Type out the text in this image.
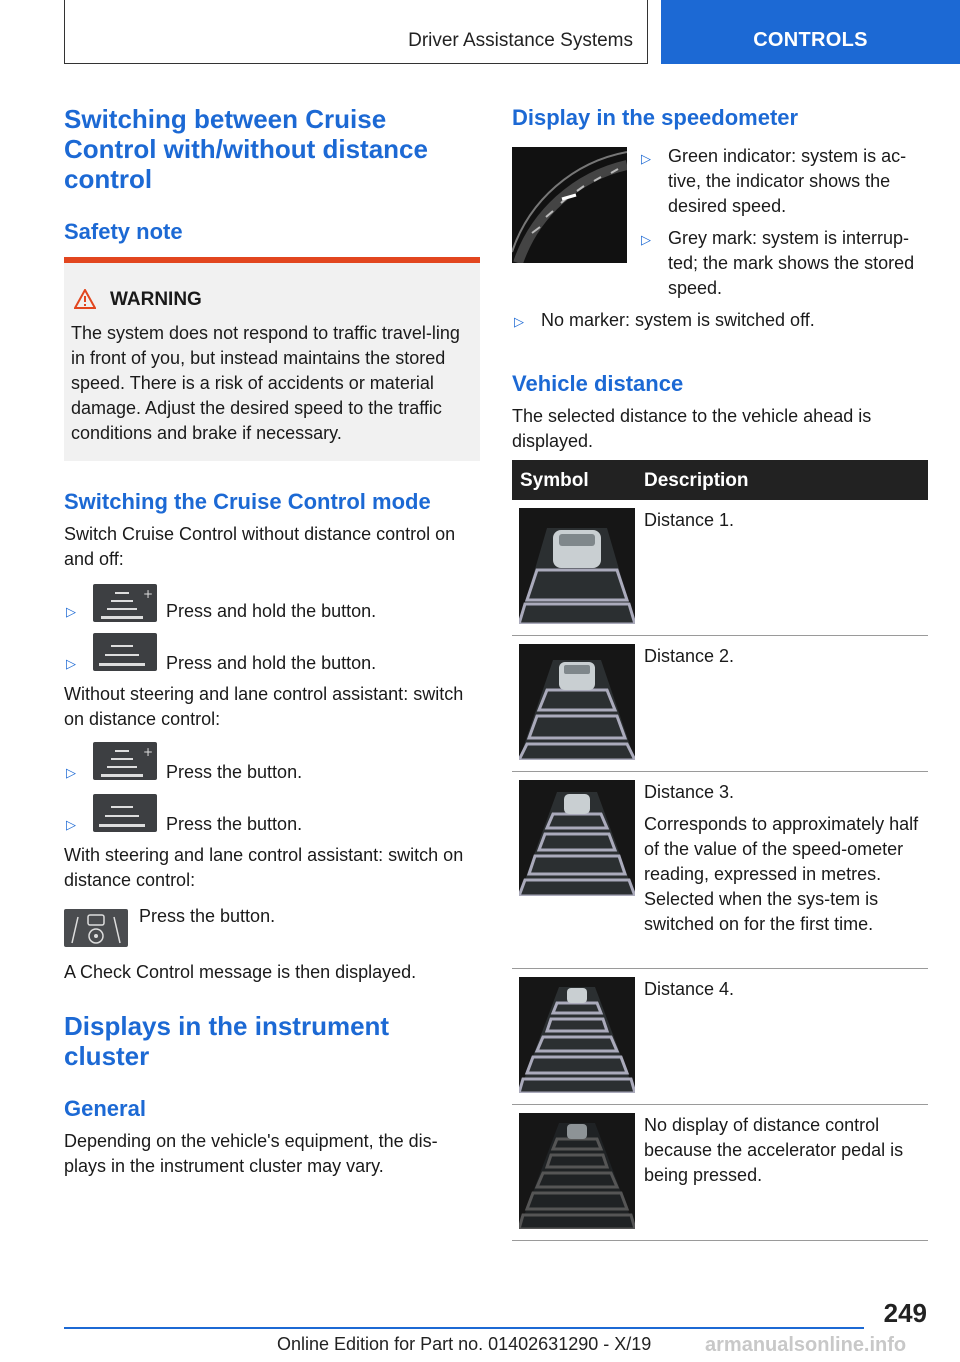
Driver Assistance Systems	CONTROLS
Switching between Cruise Control with/without distance control
Safety note
WARNING
The system does not respond to traffic travel-ling in front of you, but instead maintains the stored speed. There is a risk of accidents or material damage. Adjust the desired speed to the traffic conditions and brake if necessary.
Switching the Cruise Control mode

Switch Cruise Control without distance control on and off:

▷
+

Press and hold the button.

▷	Press and hold the button.

Without steering and lane control assistant: switch on distance control:

▷
+

Press the button.

▷	Press the button.

With steering and lane control assistant: switch on distance control:

Press the button.

A Check Control message is then displayed.

Displays in the instrument cluster
General

Depending on the vehicle's equipment, the dis-plays in the instrument cluster may vary.

Display in the speedometer
▷ Green indicator: system is ac-tive, the indicator shows the desired speed.

▷ Grey mark: system is interrup-ted; the mark shows the stored speed.

▷ No marker: system is switched off.

Vehicle distance

The selected distance to the vehicle ahead is displayed.

Symbol	Description

Distance 1.

Distance 2.

Distance 3.

Corresponds to approximately half of the value of the speed-ometer reading, expressed in metres. Selected when the sys-tem is switched on for the first time.

Distance 4.

No display of distance control because the accelerator pedal is being pressed.

249
Online Edition for Part no. 01402631290 - X/19	armanualsonline.info
